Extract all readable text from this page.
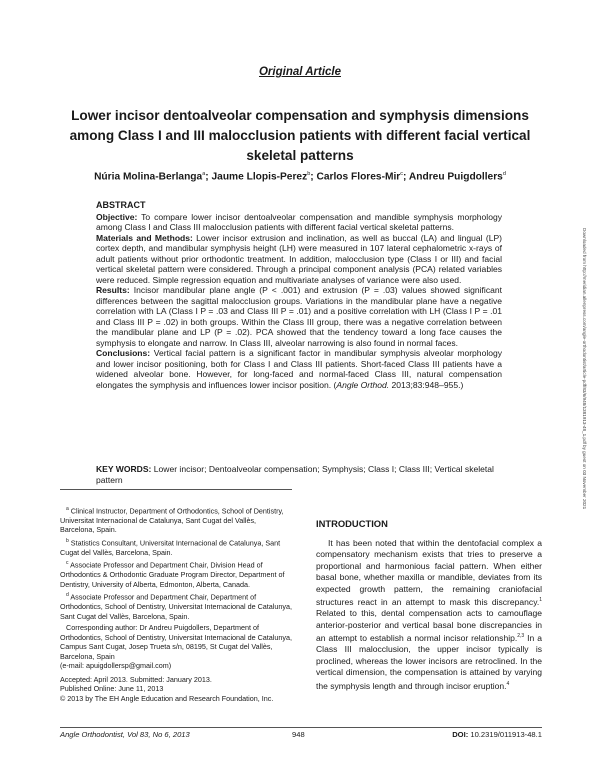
Original Article
Lower incisor dentoalveolar compensation and symphysis dimensions among Class I and III malocclusion patients with different facial vertical skeletal patterns
Núria Molina-Berlanga$^a$; Jaume Llopis-Perez$^b$; Carlos Flores-Mir$^c$; Andreu Puigdollers$^d$
ABSTRACT

Objective: To compare lower incisor dentoalveolar compensation and mandible symphysis morphology among Class I and Class III malocclusion patients with different facial vertical skeletal patterns.

Materials and Methods: Lower incisor extrusion and inclination, as well as buccal (LA) and lingual (LP) cortex depth, and mandibular symphysis height (LH) were measured in 107 lateral cephalometric x-rays of adult patients without prior orthodontic treatment. In addition, malocclusion type (Class I or III) and facial vertical skeletal pattern were considered. Through a principal component analysis (PCA) related variables were reduced. Simple regression equation and multivariate analyses of variance were also used.

Results: Incisor mandibular plane angle (P < .001) and extrusion (P = .03) values showed significant differences between the sagittal malocclusion groups. Variations in the mandibular plane have a negative correlation with LA (Class I P = .03 and Class III P = .01) and a positive correlation with LH (Class I P = .01 and Class III P = .02) in both groups. Within the Class III group, there was a negative correlation between the mandibular plane and LP (P = .02). PCA showed that the tendency toward a long face causes the symphysis to elongate and narrow. In Class III, alveolar narrowing is also found in normal faces.

Conclusions: Vertical facial pattern is a significant factor in mandibular symphysis alveolar morphology and lower incisor positioning, both for Class I and Class III patients. Short-faced Class III patients have a widened alveolar bone. However, for long-faced and normal-faced Class III, natural compensation elongates the symphysis and influences lower incisor position. (Angle Orthod. 2013;83:948–955.)

KEY WORDS: Lower incisor; Dentoalveolar compensation; Symphysis; Class I; Class III; Vertical skeletal pattern

$^a$ Clinical Instructor, Department of Orthodontics, School of Dentistry, Universitat Internacional de Catalunya, Sant Cugat del Vallès, Barcelona, Spain.

$^b$ Statistics Consultant, Universitat Internacional de Catalunya, Sant Cugat del Vallès, Barcelona, Spain.

$^c$ Associate Professor and Department Chair, Division Head of Orthodontics & Orthodontic Graduate Program Director, Department of Dentistry, University of Alberta, Edmonton, Alberta, Canada.

$^d$ Associate Professor and Department Chair, Department of Orthodontics, School of Dentistry, Universitat Internacional de Catalunya, Sant Cugat del Vallès, Barcelona, Spain.

Corresponding author: Dr Andreu Puigdollers, Department of Orthodontics, School of Dentistry, Universitat Internacional de Catalunya, Campus Sant Cugat, Josep Trueta s/n, 08195, St Cugat del Vallès, Barcelona, Spain
(e-mail: apuigdollersp@gmail.com)

Accepted: April 2013. Submitted: January 2013.
Published Online: June 11, 2013
© 2013 by The EH Angle Education and Research Foundation, Inc.

INTRODUCTION

It has been noted that within the dentofacial complex a compensatory mechanism exists that tries to preserve a proportional and harmonious facial pattern. When either basal bone, whether maxilla or mandible, deviates from its expected growth pattern, the remaining craniofacial structures react in an attempt to mask this discrepancy.$^1$ Related to this, dental compensation acts to camouflage anterior-posterior and vertical basal bone discrepancies in an attempt to establish a normal incisor relationship.$^{2,3}$ In a Class III malocclusion, the upper incisor typically is proclined, whereas the lower incisors are retroclined. In the vertical dimension, the compensation is attained by varying the symphysis length and through incisor eruption.$^4$

Downloaded from http://meridian.allenpress.com/angle-orthodontist/article-pdf/83/6/948/1381913-48_1.pdf by guest on 03 November 2021
Angle Orthodontist, Vol 83, No 6, 2013	948	DOI: 10.2319/011913-48.1
